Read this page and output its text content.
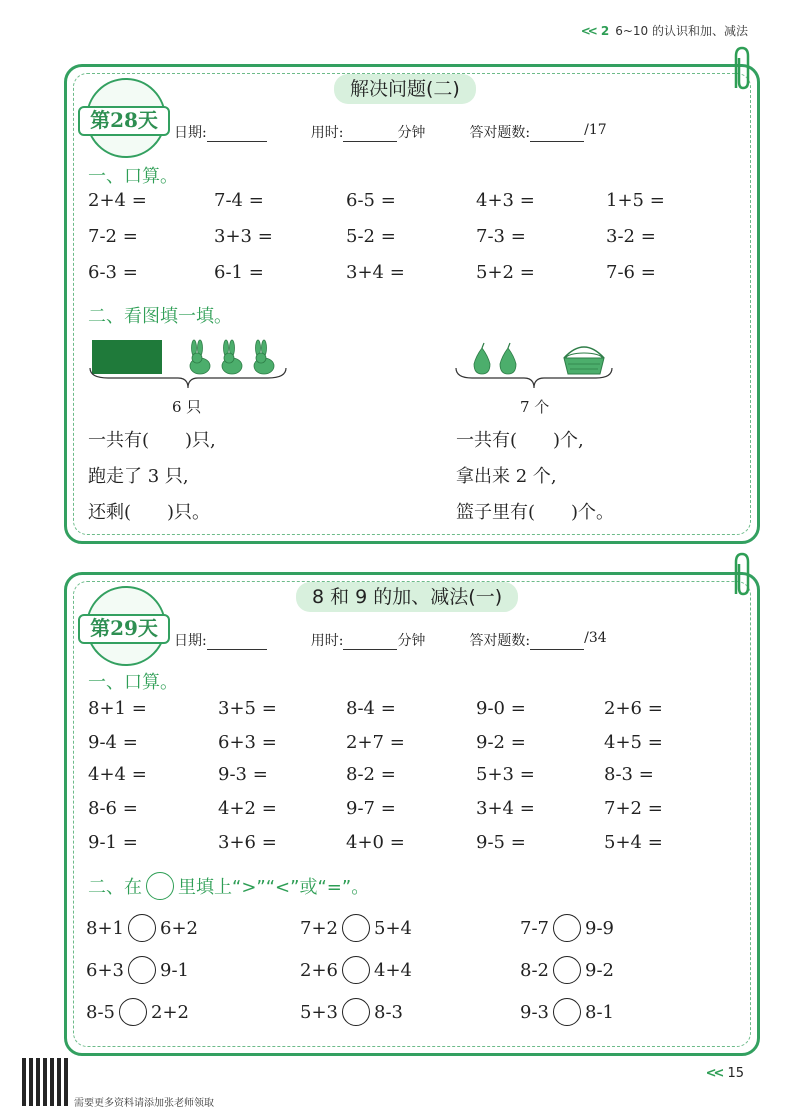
<< 2 6~10 的认识和加、减法
解决问题(二)
第28天
日期:	用时:	分钟	答对题数:	/17
一、口算。
2+4 =	7-4 =	6-5 =	4+3 =	1+5 =
7-2 =	3+3 =	5-2 =	7-3 =	3-2 =
6-3 =	6-1 =	3+4 =	5+2 =	7-6 =
二、看图填一填。
6 只	7 个
一共有(　　)只,
跑走了 3 只,
还剩(　　)只。
一共有(　　)个,
拿出来 2 个,
篮子里有(　　)个。
8 和 9 的加、减法(一)
第29天
日期:	用时:	分钟	答对题数:	/34
一、口算。
8+1 =	3+5 =	8-4 =	9-0 =	2+6 =
9-4 =	6+3 =	2+7 =	9-2 =	4+5 =
4+4 =	9-3 =	8-2 =	5+3 =	8-3 =
8-6 =	4+2 =	9-7 =	3+4 =	7+2 =
9-1 =	3+6 =	4+0 =	9-5 =	5+4 =
二、在 里填上“>”“<”或“=”。
8+1 6+2	7+2 5+4	7-7 9-9
6+3 9-1	2+6 4+4	8-2 9-2
8-5 2+2	5+3 8-3	9-3 8-1
需要更多资料请添加张老师领取
<< 15
